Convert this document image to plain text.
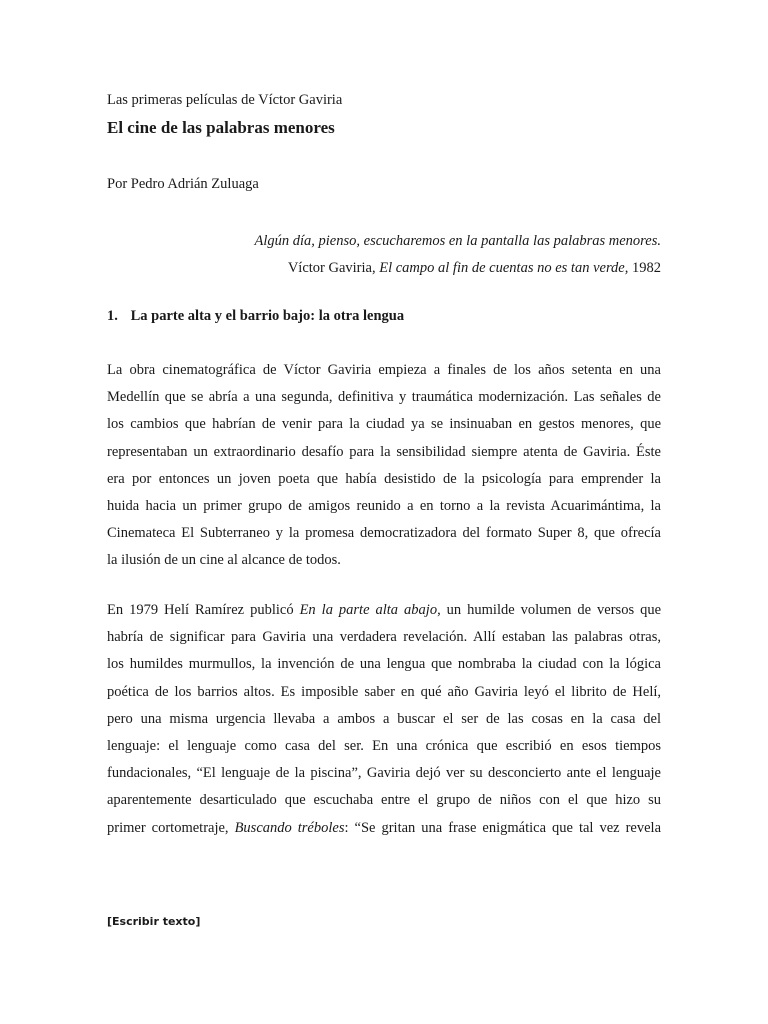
Las primeras películas de Víctor Gaviria
El cine de las palabras menores
Por Pedro Adrián Zuluaga
Algún día, pienso, escucharemos en la pantalla las palabras menores.
Víctor Gaviria, El campo al fin de cuentas no es tan verde, 1982
1. La parte alta y el barrio bajo: la otra lengua
La obra cinematográfica de Víctor Gaviria empieza a finales de los años setenta en una
Medellín que se abría a una segunda, definitiva y traumática modernización. Las señales de
los cambios que habrían de venir para la ciudad ya se insinuaban en gestos menores, que
representaban un extraordinario desafío para la sensibilidad siempre atenta de Gaviria. Éste
era por entonces un joven poeta que había desistido de la psicología para emprender la
huida hacia un primer grupo de amigos reunido a en torno a la revista Acuarimántima, la
Cinemateca El Subterraneo y la promesa democratizadora del formato Super 8, que ofrecía
la ilusión de un cine al alcance de todos.
En 1979 Helí Ramírez publicó En la parte alta abajo, un humilde volumen de versos que
habría de significar para Gaviria una verdadera revelación. Allí estaban las palabras otras,
los humildes murmullos, la invención de una lengua que nombraba la ciudad con la lógica
poética de los barrios altos. Es imposible saber en qué año Gaviria leyó el librito de Helí,
pero una misma urgencia llevaba a ambos a buscar el ser de las cosas en la casa del
lenguaje: el lenguaje como casa del ser. En una crónica que escribió en esos tiempos
fundacionales, “El lenguaje de la piscina”, Gaviria dejó ver su desconcierto ante el lenguaje
aparentemente desarticulado que escuchaba entre el grupo de niños con el que hizo su
primer cortometraje, Buscando tréboles: “Se gritan una frase enigmática que tal vez revela
[Escribir texto]
